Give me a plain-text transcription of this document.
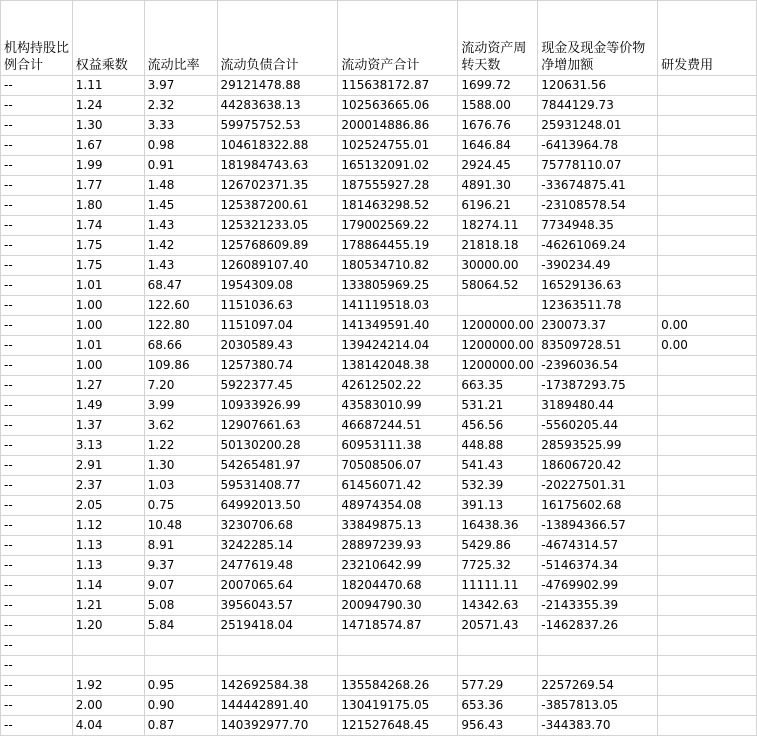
机构持股比例合计	权益乘数	流动比率	流动负债合计	流动资产合计	流动资产周转天数	现金及现金等价物净增加额	研发费用
--	1.11	3.97	29121478.88	115638172.87	1699.72	120631.56	
--	1.24	2.32	44283638.13	102563665.06	1588.00	7844129.73	
--	1.30	3.33	59975752.53	200014886.86	1676.76	25931248.01	
--	1.67	0.98	104618322.88	102524755.01	1646.84	-6413964.78	
--	1.99	0.91	181984743.63	165132091.02	2924.45	75778110.07	
--	1.77	1.48	126702371.35	187555927.28	4891.30	-33674875.41	
--	1.80	1.45	125387200.61	181463298.52	6196.21	-23108578.54	
--	1.74	1.43	125321233.05	179002569.22	18274.11	7734948.35	
--	1.75	1.42	125768609.89	178864455.19	21818.18	-46261069.24	
--	1.75	1.43	126089107.40	180534710.82	30000.00	-390234.49	
--	1.01	68.47	1954309.08	133805969.25	58064.52	16529136.63	
--	1.00	122.60	1151036.63	141119518.03		12363511.78	
--	1.00	122.80	1151097.04	141349591.40	1200000.00	230073.37	0.00
--	1.01	68.66	2030589.43	139424214.04	1200000.00	83509728.51	0.00
--	1.00	109.86	1257380.74	138142048.38	1200000.00	-2396036.54	
--	1.27	7.20	5922377.45	42612502.22	663.35	-17387293.75	
--	1.49	3.99	10933926.99	43583010.99	531.21	3189480.44	
--	1.37	3.62	12907661.63	46687244.51	456.56	-5560205.44	
--	3.13	1.22	50130200.28	60953111.38	448.88	28593525.99	
--	2.91	1.30	54265481.97	70508506.07	541.43	18606720.42	
--	2.37	1.03	59531408.77	61456071.42	532.39	-20227501.31	
--	2.05	0.75	64992013.50	48974354.08	391.13	16175602.68	
--	1.12	10.48	3230706.68	33849875.13	16438.36	-13894366.57	
--	1.13	8.91	3242285.14	28897239.93	5429.86	-4674314.57	
--	1.13	9.37	2477619.48	23210642.99	7725.32	-5146374.34	
--	1.14	9.07	2007065.64	18204470.68	11111.11	-4769902.99	
--	1.21	5.08	3956043.57	20094790.30	14342.63	-2143355.39	
--	1.20	5.84	2519418.04	14718574.87	20571.43	-1462837.26	
--							
--							
--	1.92	0.95	142692584.38	135584268.26	577.29	2257269.54	
--	2.00	0.90	144442891.40	130419175.05	653.36	-3857813.05	
--	4.04	0.87	140392977.70	121527648.45	956.43	-344383.70	
